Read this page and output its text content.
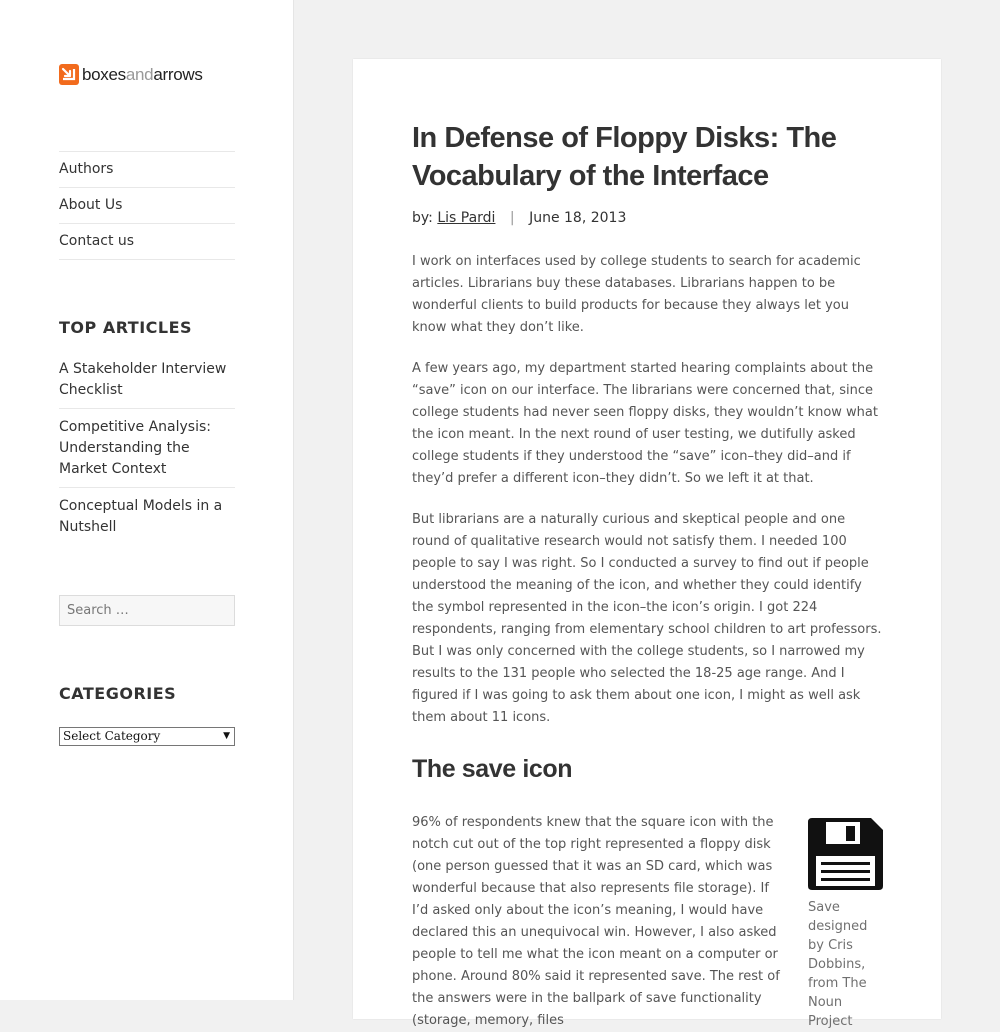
boxesandarrows
Authors
About Us
Contact us
TOP ARTICLES
A Stakeholder Interview Checklist
Competitive Analysis: Understanding the Market Context
Conceptual Models in a Nutshell
Search …
CATEGORIES
Select Category	▼
In Defense of Floppy Disks: The Vocabulary of the Interface
by: Lis Pardi | June 18, 2013

I work on interfaces used by college students to search for academic articles. Librarians buy these databases. Librarians happen to be wonderful clients to build products for because they always let you know what they don’t like.

A few years ago, my department started hearing complaints about the “save” icon on our interface. The librarians were concerned that, since college students had never seen floppy disks, they wouldn’t know what the icon meant. In the next round of user testing, we dutifully asked college students if they understood the “save” icon–they did–and if they’d prefer a different icon–they didn’t. So we left it at that.

But librarians are a naturally curious and skeptical people and one round of qualitative research would not satisfy them. I needed 100 people to say I was right. So I conducted a survey to find out if people understood the meaning of the icon, and whether they could identify the symbol represented in the icon–the icon’s origin. I got 224 respondents, ranging from elementary school children to art professors. But I was only concerned with the college students, so I narrowed my results to the 131 people who selected the 18-25 age range. And I figured if I was going to ask them about one icon, I might as well ask them about 11 icons.

The save icon

96% of respondents knew that the square icon with the notch cut out of the top right represented a floppy disk (one person guessed that it was an SD card, which was wonderful because that also represents file storage). If I’d asked only about the icon’s meaning, I would have declared this an unequivocal win. However, I also asked people to tell me what the icon meant on a computer or phone. Around 80% said it represented save. The rest of the answers were in the ballpark of save functionality (storage, memory, files

Save designed by Cris Dobbins, from The Noun Project
